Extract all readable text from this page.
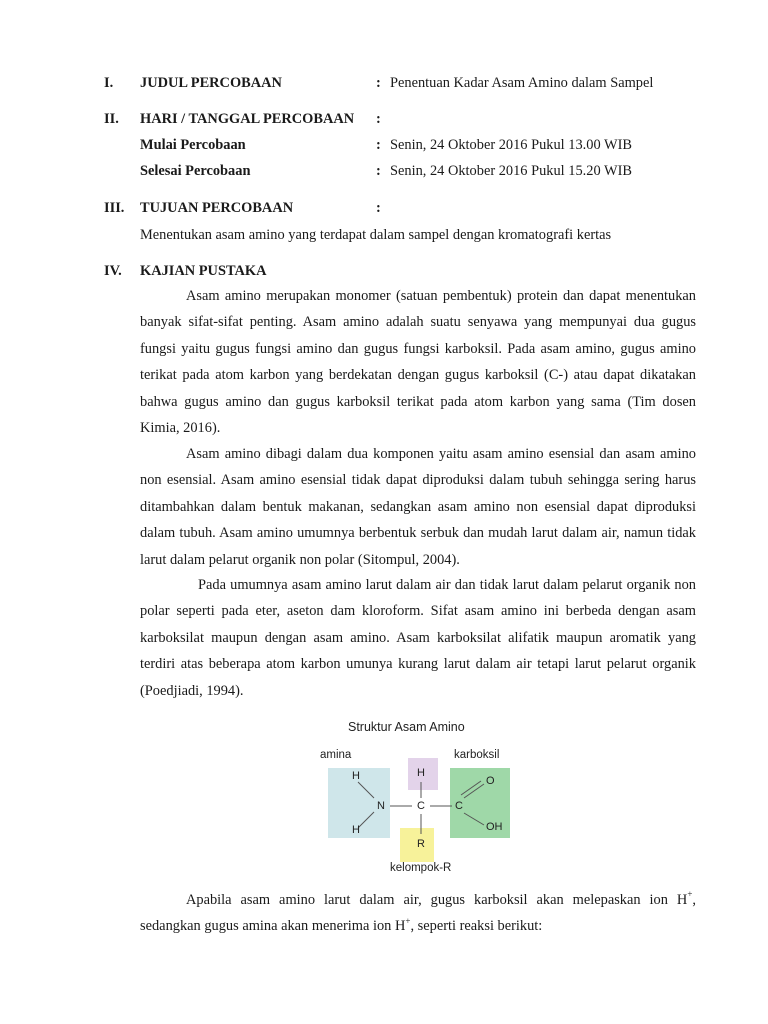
I. JUDUL PERCOBAAN	: Penentuan Kadar Asam Amino dalam Sampel
II. HARI / TANGGAL PERCOBAAN :
Mulai Percobaan	: Senin, 24 Oktober 2016 Pukul 13.00 WIB
Selesai Percobaan	: Senin, 24 Oktober 2016 Pukul 15.20 WIB
III. TUJUAN PERCOBAAN	:
Menentukan asam amino yang terdapat dalam sampel dengan kromatografi kertas
IV. KAJIAN PUSTAKA
Asam amino merupakan monomer (satuan pembentuk) protein dan dapat menentukan banyak sifat-sifat penting. Asam amino adalah suatu senyawa yang mempunyai dua gugus fungsi yaitu gugus fungsi amino dan gugus fungsi karboksil. Pada asam amino, gugus amino terikat pada atom karbon yang berdekatan dengan gugus karboksil (C-) atau dapat dikatakan bahwa gugus amino dan gugus karboksil terikat pada atom karbon yang sama (Tim dosen Kimia, 2016).
Asam amino dibagi dalam dua komponen yaitu asam amino esensial dan asam amino non esensial. Asam amino esensial tidak dapat diproduksi dalam tubuh sehingga sering harus ditambahkan dalam bentuk makanan, sedangkan asam amino non esensial dapat diproduksi dalam tubuh. Asam amino umumnya berbentuk serbuk dan mudah larut dalam air, namun tidak larut dalam pelarut organik non polar (Sitompul, 2004).
Pada umumnya asam amino larut dalam air dan tidak larut dalam pelarut organik non polar seperti pada eter, aseton dam kloroform. Sifat asam amino ini berbeda dengan asam karboksilat maupun dengan asam amino. Asam karboksilat alifatik maupun aromatik yang terdiri atas beberapa atom karbon umunya kurang larut dalam air tetapi larut pelarut organik (Poedjiadi, 1994).
Struktur Asam Amino
amina	karboksil
H
H
N
H
C	C
O
OH
R
kelompok-R
Apabila asam amino larut dalam air, gugus karboksil akan melepaskan ion H+, sedangkan gugus amina akan menerima ion H+, seperti reaksi berikut:
